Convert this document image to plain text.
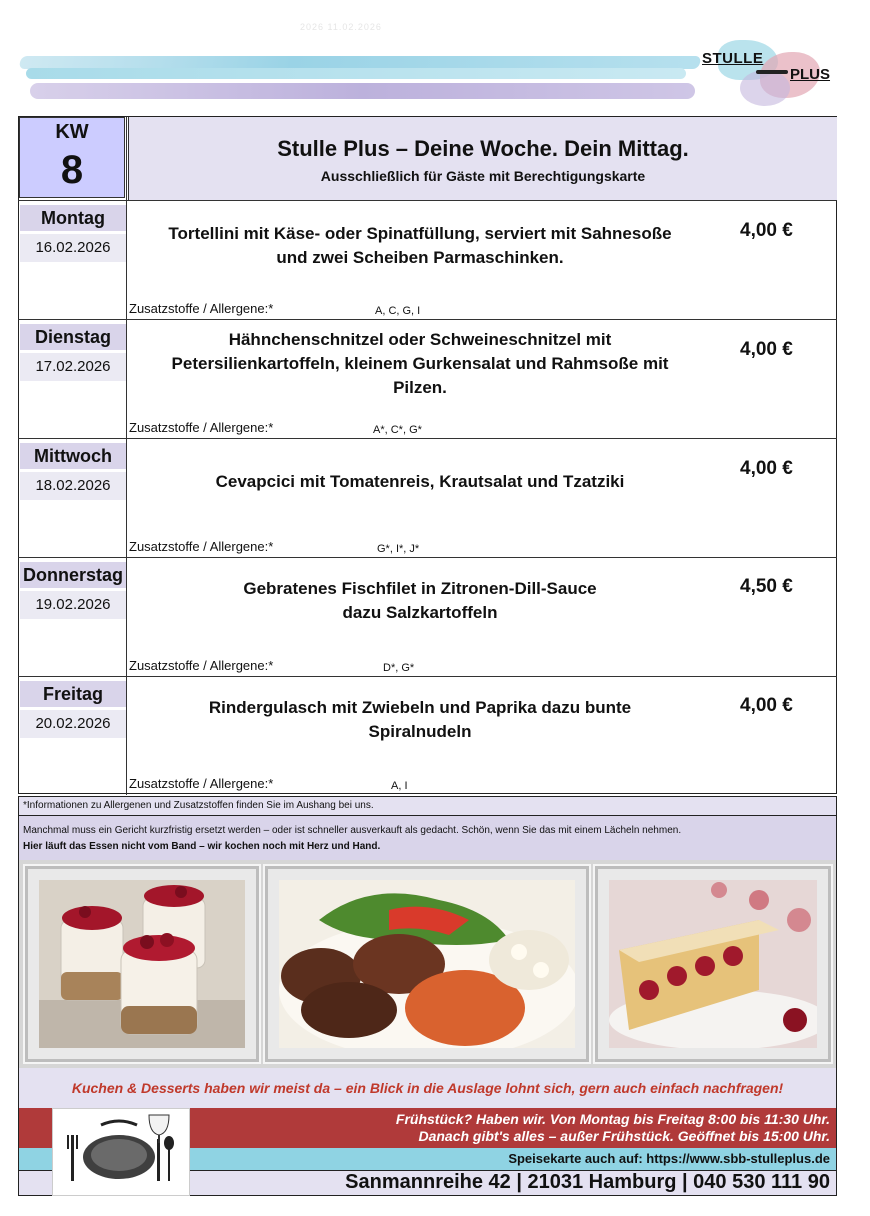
2026 11.02.2026
STULLE
PLUS
KW
8	Stulle Plus – Deine Woche. Dein Mittag.
Ausschließlich für Gäste mit Berechtigungskarte
Montag
16.02.2026
Tortellini mit Käse- oder Spinatfüllung, serviert mit Sahnesoße
und zwei Scheiben Parmaschinken.
4,00 €
Zusatzstoffe / Allergene:*	A, C, G, I
Dienstag
17.02.2026
Hähnchenschnitzel oder Schweineschnitzel mit
Petersilienkartoffeln, kleinem Gurkensalat und Rahmsoße mit
Pilzen.
4,00 €
Zusatzstoffe / Allergene:*	A*, C*, G*
Mittwoch
18.02.2026	Cevapcici mit Tomatenreis, Krautsalat und Tzatziki
4,00 €
Zusatzstoffe / Allergene:*	G*, I*, J*
Donnerstag
19.02.2026
Gebratenes Fischfilet in Zitronen-Dill-Sauce
dazu Salzkartoffeln
4,50 €
Zusatzstoffe / Allergene:*	D*, G*
Freitag
20.02.2026
Rindergulasch mit Zwiebeln und Paprika dazu bunte
Spiralnudeln
4,00 €
Zusatzstoffe / Allergene:*	A, I
*Informationen zu Allergenen und Zusatzstoffen finden Sie im Aushang bei uns.
Manchmal muss ein Gericht kurzfristig ersetzt werden – oder ist schneller ausverkauft als gedacht. Schön, wenn Sie das mit einem Lächeln nehmen.
Hier läuft das Essen nicht vom Band – wir kochen noch mit Herz und Hand.
Kuchen & Desserts haben wir meist da – ein Blick in die Auslage lohnt sich, gern auch einfach nachfragen!
Frühstück? Haben wir. Von Montag bis Freitag 8:00 bis 11:30 Uhr.
Danach gibt's alles – außer Frühstück. Geöffnet bis 15:00 Uhr.
Speisekarte auch auf: https://www.sbb-stulleplus.de
Sanmannreihe 42 | 21031 Hamburg | 040 530 111 90
